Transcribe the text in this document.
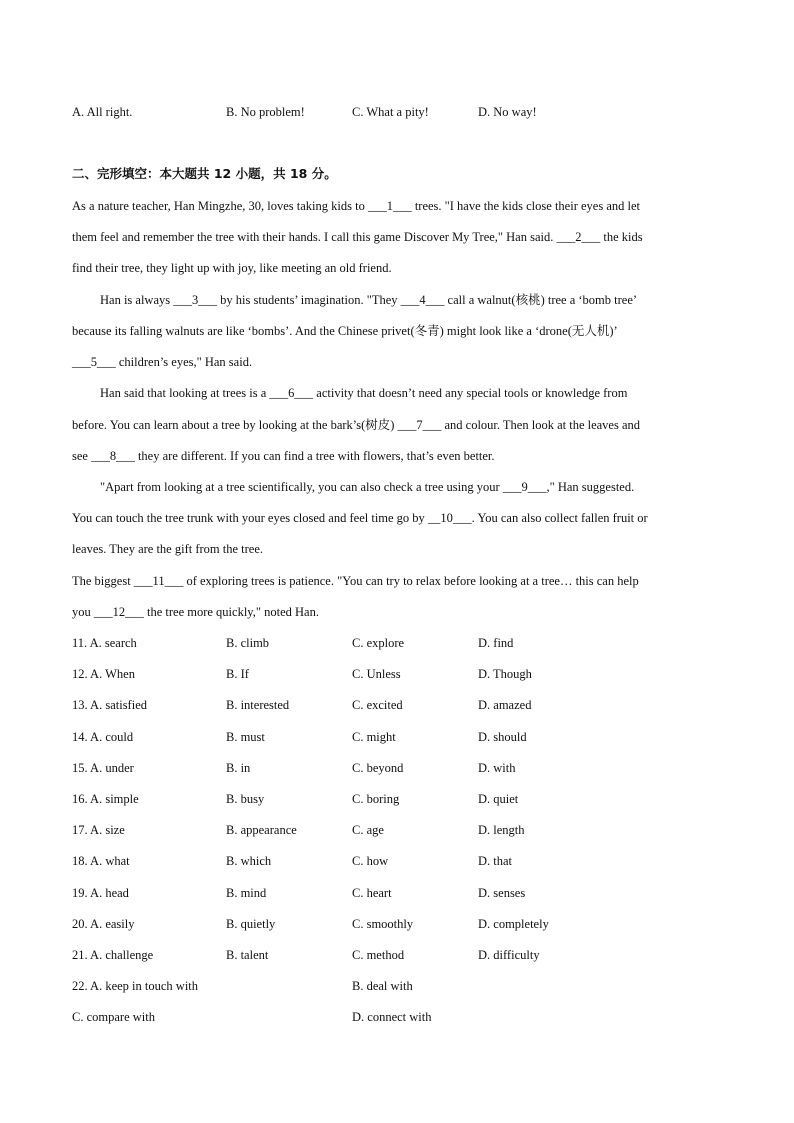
A. All right.	B. No problem!	C. What a pity!	D. No way!
二、完形填空：本大题共 12 小题，共 18 分。
As a nature teacher, Han Mingzhe, 30, loves taking kids to ___1___ trees. "I have the kids close their eyes and let
them feel and remember the tree with their hands. I call this game Discover My Tree," Han said. ___2___ the kids
find their tree, they light up with joy, like meeting an old friend.
Han is always ___3___ by his students’ imagination. "They ___4___ call a walnut(核桃) tree a ‘bomb tree’
because its falling walnuts are like ‘bombs’. And the Chinese privet(冬青) might look like a ‘drone(无人机)’
___5___ children’s eyes," Han said.
Han said that looking at trees is a ___6___ activity that doesn’t need any special tools or knowledge from
before. You can learn about a tree by looking at the bark’s(树皮) ___7___ and colour. Then look at the leaves and
see ___8___ they are different. If you can find a tree with flowers, that’s even better.
"Apart from looking at a tree scientifically, you can also check a tree using your ___9___," Han suggested.
You can touch the tree trunk with your eyes closed and feel time go by __10___. You can also collect fallen fruit or
leaves. They are the gift from the tree.
The biggest ___11___ of exploring trees is patience. "You can try to relax before looking at a tree… this can help
you ___12___ the tree more quickly," noted Han.
11. A. search	B. climb	C. explore	D. find
12. A. When	B. If	C. Unless	D. Though
13. A. satisfied	B. interested	C. excited	D. amazed
14. A. could	B. must	C. might	D. should
15. A. under	B. in	C. beyond	D. with
16. A. simple	B. busy	C. boring	D. quiet
17. A. size	B. appearance	C. age	D. length
18. A. what	B. which	C. how	D. that
19. A. head	B. mind	C. heart	D. senses
20. A. easily	B. quietly	C. smoothly	D. completely
21. A. challenge	B. talent	C. method	D. difficulty
22. A. keep in touch with	B. deal with
C. compare with	D. connect with
